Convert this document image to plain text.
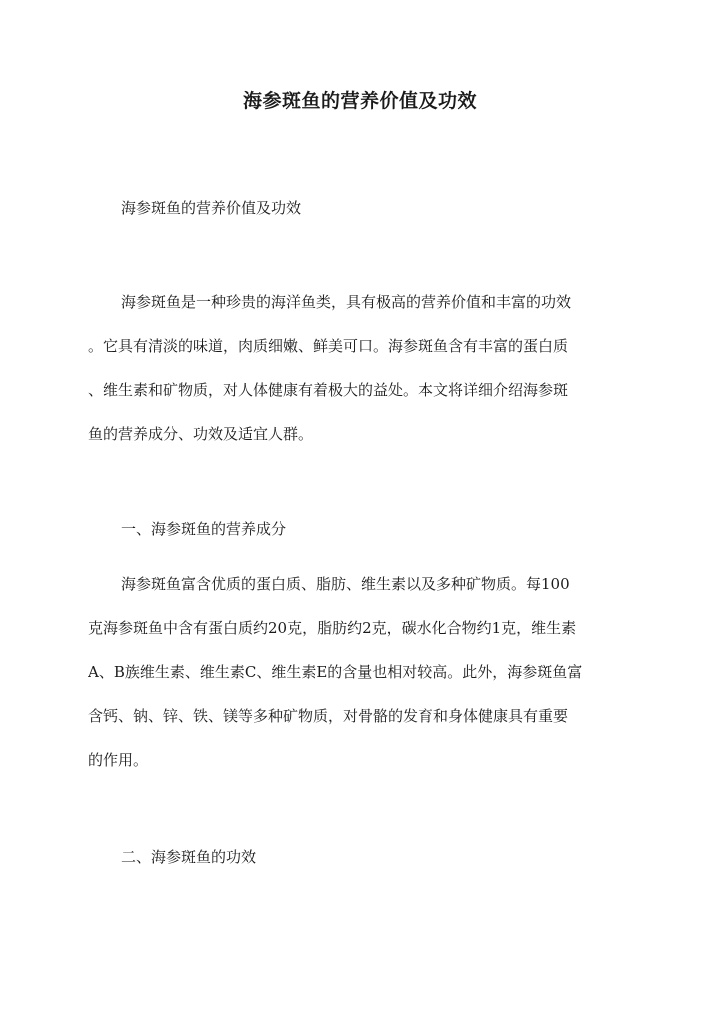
海参斑鱼的营养价值及功效
海参斑鱼的营养价值及功效
海参斑鱼是一种珍贵的海洋鱼类，具有极高的营养价值和丰富的功效
。它具有清淡的味道，肉质细嫩、鲜美可口。海参斑鱼含有丰富的蛋白质
、维生素和矿物质，对人体健康有着极大的益处。本文将详细介绍海参斑
鱼的营养成分、功效及适宜人群。
一、海参斑鱼的营养成分
海参斑鱼富含优质的蛋白质、脂肪、维生素以及多种矿物质。每100
克海参斑鱼中含有蛋白质约20克，脂肪约2克，碳水化合物约1克，维生素
A、B族维生素、维生素C、维生素E的含量也相对较高。此外，海参斑鱼富
含钙、钠、锌、铁、镁等多种矿物质，对骨骼的发育和身体健康具有重要
的作用。
二、海参斑鱼的功效
